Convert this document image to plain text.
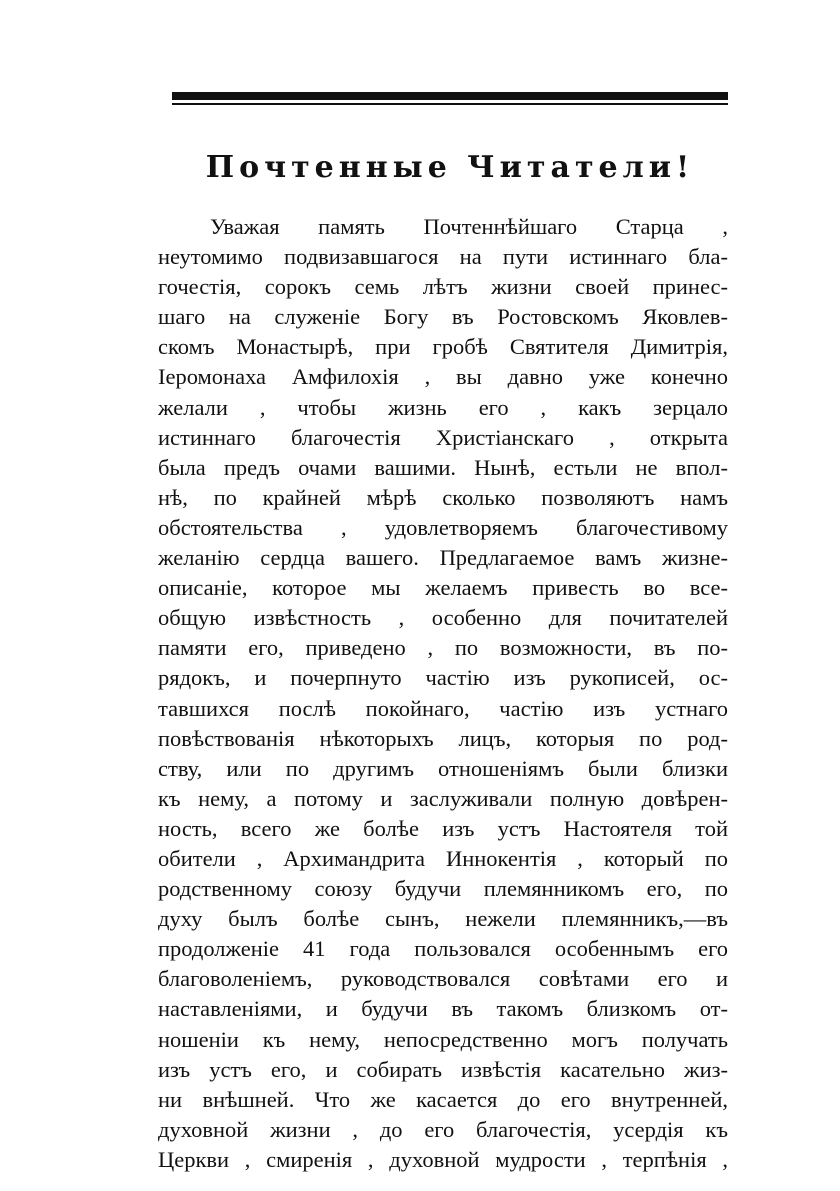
Почтенные Читатели!
Уважая память Почтеннѣйшаго Старца ,
неутомимо подвизавшагося на пути истиннаго бла-
гочестія, сорокъ семь лѣтъ жизни своей принес-
шаго на служеніе Богу въ Ростовскомъ Яковлев-
скомъ Монастырѣ, при гробѣ Святителя Димитрія,
Іеромонаха Амфилохія , вы давно уже конечно
желали , чтобы жизнь его , какъ зерцало
истиннаго благочестія Христіанскаго , открыта
была предъ очами вашими. Нынѣ, естьли не впол-
нѣ, по крайней мѣрѣ сколько позволяютъ намъ
обстоятельства , удовлетворяемъ благочестивому
желанію сердца вашего. Предлагаемое вамъ жизне-
описаніе, которое мы желаемъ привесть во все-
общую извѣстность , особенно для почитателей
памяти его, приведено , по возможности, въ по-
рядокъ, и почерпнуто частію изъ рукописей, ос-
тавшихся послѣ покойнаго, частію изъ устнаго
повѣствованія нѣкоторыхъ лицъ, которыя по род-
ству, или по другимъ отношеніямъ были близки
къ нему, а потому и заслуживали полную довѣрен-
ность, всего же болѣе изъ устъ Настоятеля той
обители , Архимандрита Иннокентія , который по
родственному союзу будучи племянникомъ его, по
духу былъ болѣе сынъ, нежели племянникъ,—въ
продолженіе 41 года пользовался особеннымъ его
благоволеніемъ, руководствовался совѣтами его и
наставленіями, и будучи въ такомъ близкомъ от-
ношеніи къ нему, непосредственно могъ получать
изъ устъ его, и собирать извѣстія касательно жиз-
ни внѣшней. Что же касается до его внутренней,
духовной жизни , до его благочестія, усердія къ
Церкви , смиренія , духовной мудрости , терпѣнія ,
